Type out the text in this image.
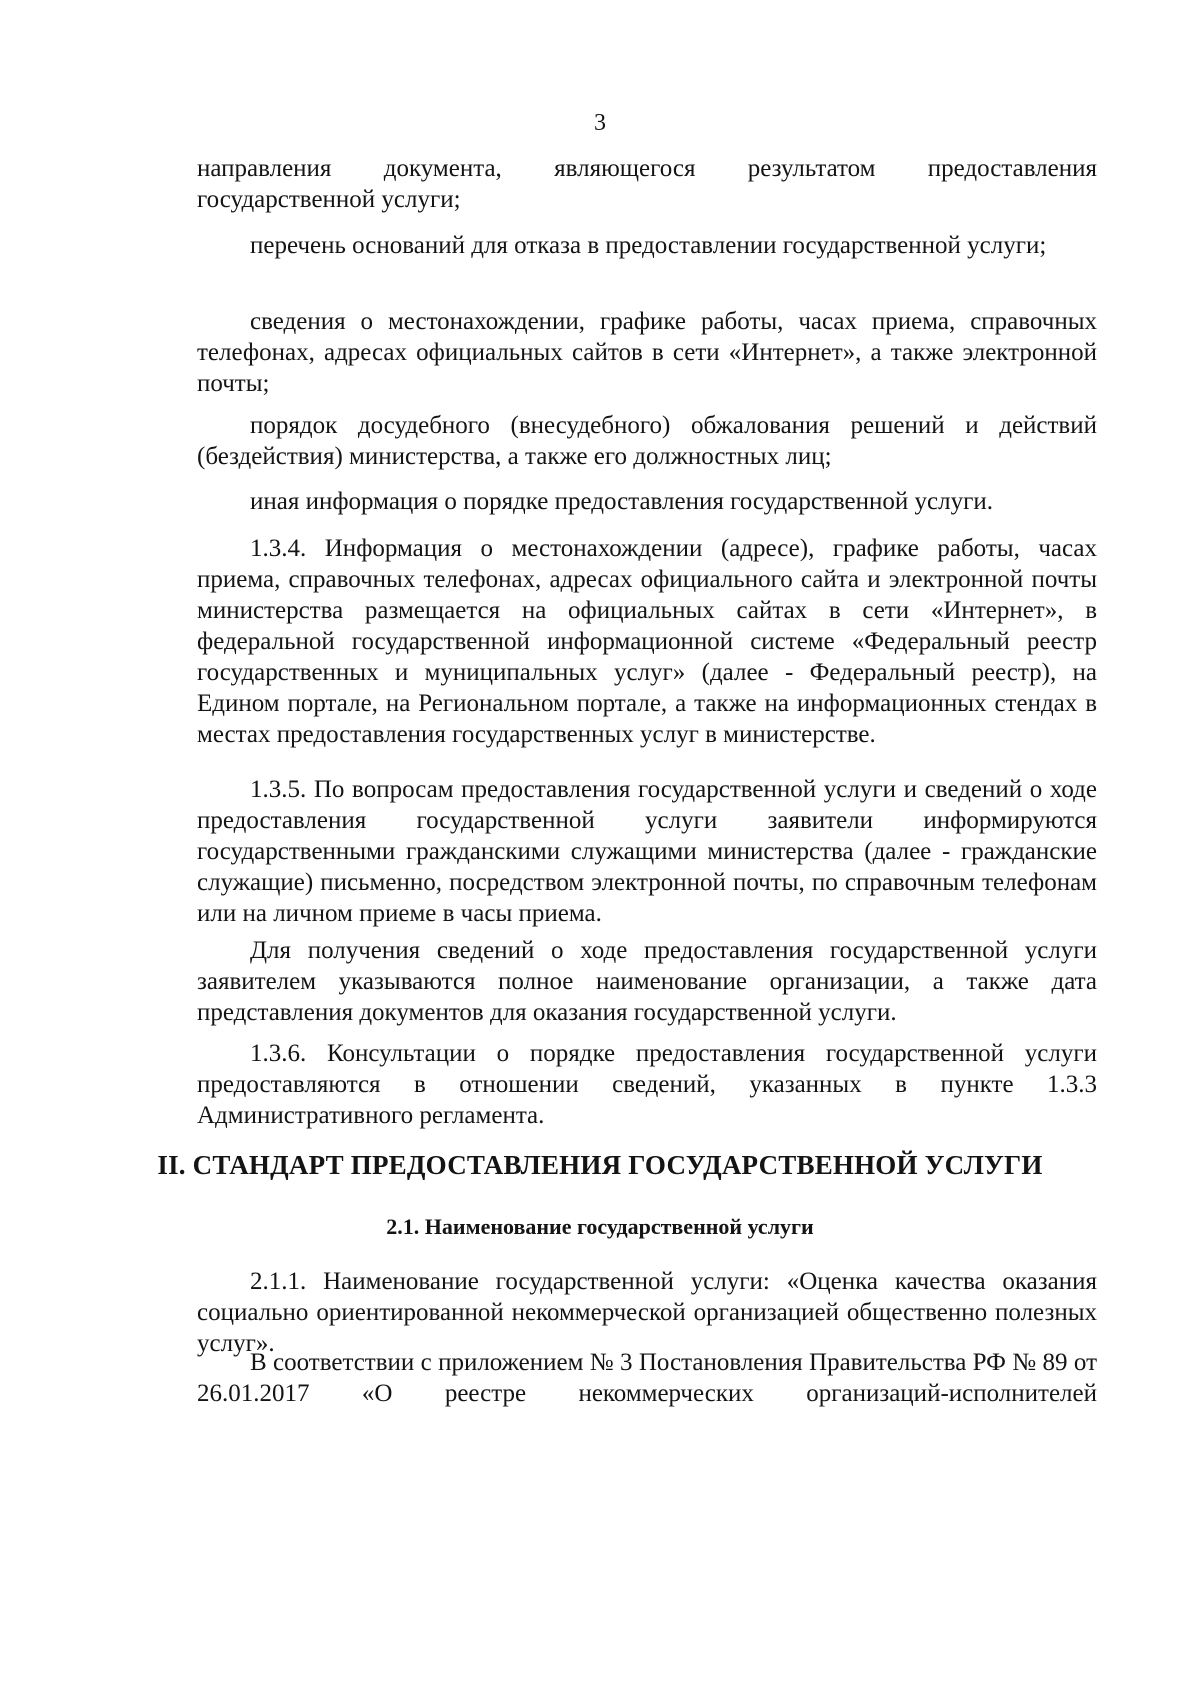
3
направления документа, являющегося результатом предоставления
государственной услуги;
перечень оснований для отказа в предоставлении государственной услуги;
сведения о местонахождении, графике работы, часах приема, справочных телефонах, адресах официальных сайтов в сети «Интернет», а также электронной почты;
порядок досудебного (внесудебного) обжалования решений и действий (бездействия) министерства, а также его должностных лиц;
иная информация о порядке предоставления государственной услуги.
1.3.4. Информация о местонахождении (адресе), графике работы, часах приема, справочных телефонах, адресах официального сайта и электронной почты министерства размещается на официальных сайтах в сети «Интернет», в федеральной государственной информационной системе «Федеральный реестр государственных и муниципальных услуг» (далее - Федеральный реестр), на Едином портале, на Региональном портале, а также на информационных стендах в местах предоставления государственных услуг в министерстве.
1.3.5. По вопросам предоставления государственной услуги и сведений о ходе предоставления государственной услуги заявители информируются государственными гражданскими служащими министерства (далее - гражданские служащие) письменно, посредством электронной почты, по справочным телефонам или на личном приеме в часы приема.
Для получения сведений о ходе предоставления государственной услуги заявителем указываются полное наименование организации, а также дата представления документов для оказания государственной услуги.
1.3.6. Консультации о порядке предоставления государственной услуги предоставляются в отношении сведений, указанных в пункте 1.3.3 Административного регламента.
II. СТАНДАРТ ПРЕДОСТАВЛЕНИЯ ГОСУДАРСТВЕННОЙ УСЛУГИ
2.1. Наименование государственной услуги
2.1.1. Наименование государственной услуги: «Оценка качества оказания социально ориентированной некоммерческой организацией общественно полезных услуг».
В соответствии с приложением № 3 Постановления Правительства РФ № 89 от 26.01.2017 «О реестре некоммерческих организаций-исполнителей
